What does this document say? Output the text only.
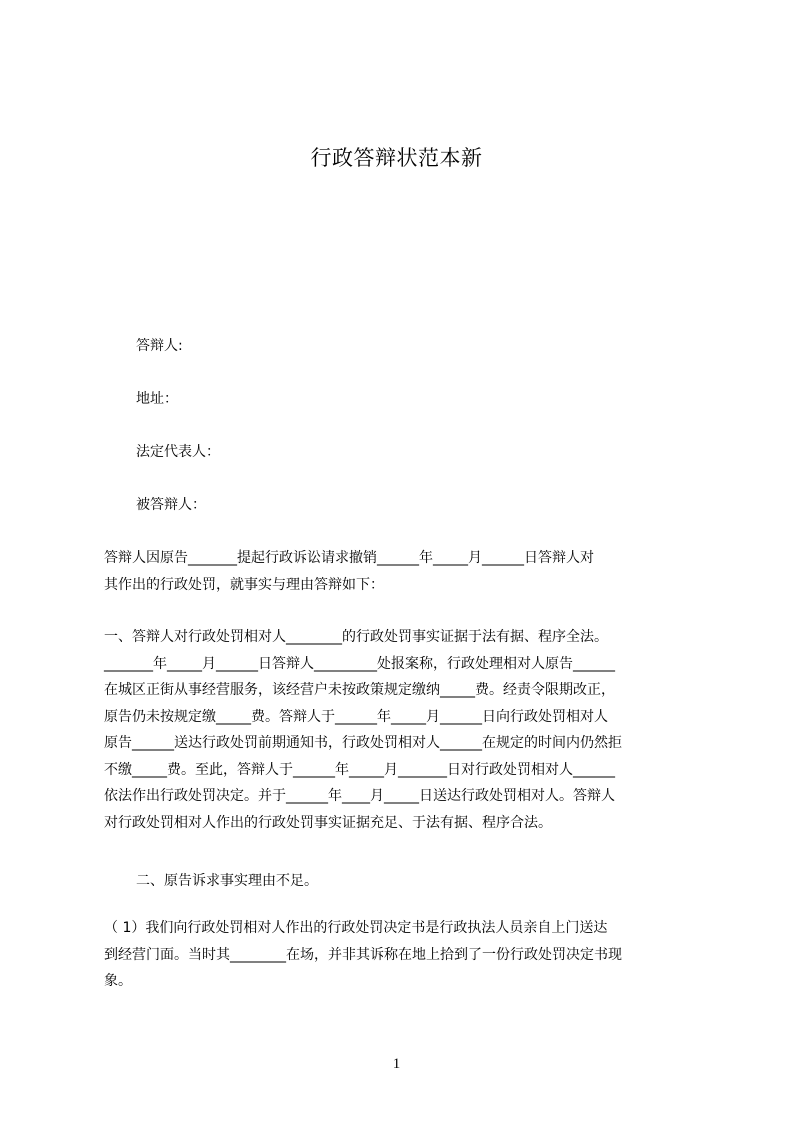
行政答辩状范本新

答辩人:

地址：

法定代表人：

被答辩人：

答辩人因原告_______提起行政诉讼请求撤销______年_____月______日答辩人对
其作出的行政处罚，就事实与理由答辩如下：
一、答辩人对行政处罚相对人________的行政处罚事实证据于法有据、程序全法。
_______年_____月______日答辩人_________处报案称，行政处理相对人原告______
在城区正街从事经营服务，该经营户未按政策规定缴纳_____费。经责令限期改正，
原告仍未按规定缴_____费。答辩人于______年_____月______日向行政处罚相对人
原告______送达行政处罚前期通知书，行政处罚相对人______在规定的时间内仍然拒
不缴_____费。至此，答辩人于______年_____月_______日对行政处罚相对人______
依法作出行政处罚决定。并于______年____月_____日送达行政处罚相对人。答辩人
对行政处罚相对人作出的行政处罚事实证据充足、于法有据、程序合法。

二、原告诉求事实理由不足。

（ 1）我们向行政处罚相对人作出的行政处罚决定书是行政执法人员亲自上门送达
到经营门面。当时其________在场，并非其诉称在地上拾到了一份行政处罚决定书现
象。

1
